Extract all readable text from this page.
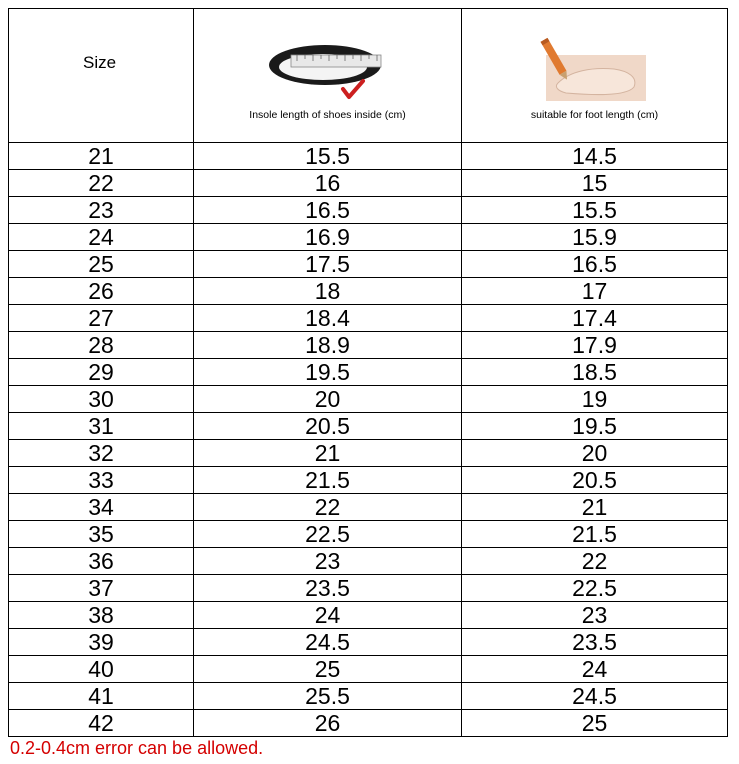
Size	Insole length of shoes inside (cm)	suitable for foot length (cm)

21	15.5	14.5
22	16	15
23	16.5	15.5
24	16.9	15.9
25	17.5	16.5
26	18	17
27	18.4	17.4
28	18.9	17.9
29	19.5	18.5
30	20	19
31	20.5	19.5
32	21	20
33	21.5	20.5
34	22	21
35	22.5	21.5
36	23	22
37	23.5	22.5
38	24	23
39	24.5	23.5
40	25	24
41	25.5	24.5
42	26	25
0.2-0.4cm error can be allowed.
